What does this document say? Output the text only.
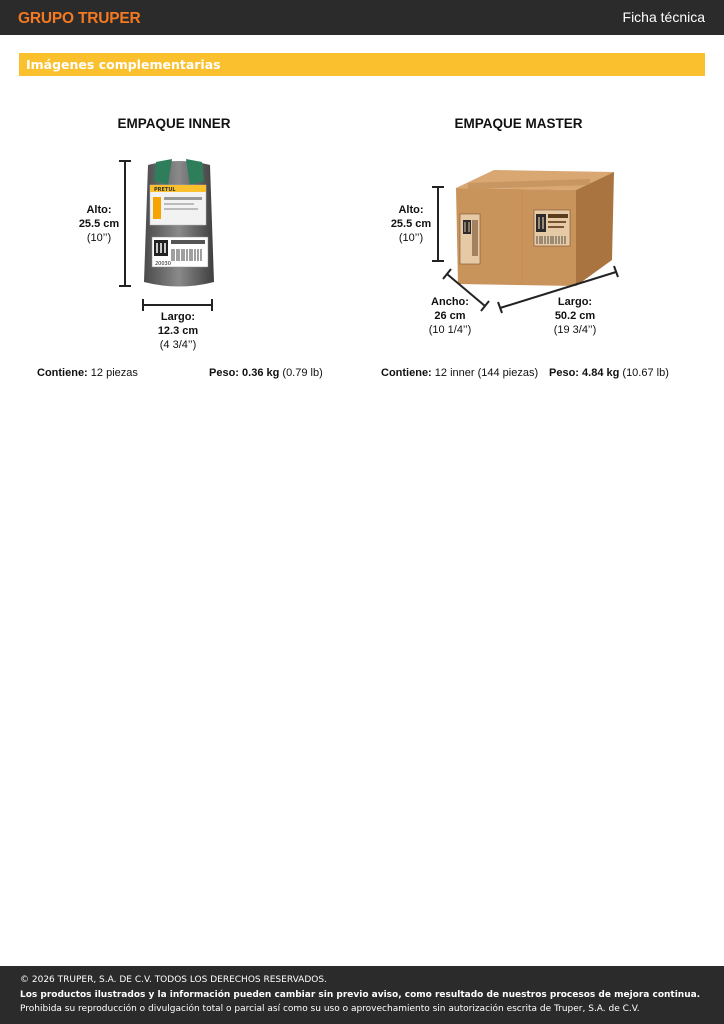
GRUPO TRUPER	Ficha técnica
Imágenes complementarias
EMPAQUE INNER
Alto:
25.5 cm
(10’’)
PRETUL
20030
Largo:
12.3 cm
(4 3/4’’)
Contiene: 12 piezas	Peso: 0.36 kg (0.79 lb)
EMPAQUE MASTER
Alto:
25.5 cm
(10’’)
Ancho:
26 cm
(10 1/4’’)
Largo:
50.2 cm
(19 3/4’’)
Contiene: 12 inner (144 piezas) Peso: 4.84 kg (10.67 lb)
© 2026 TRUPER, S.A. DE C.V. TODOS LOS DERECHOS RESERVADOS.
Los productos ilustrados y la información pueden cambiar sin previo aviso, como resultado de nuestros procesos de mejora continua.
Prohibida su reproducción o divulgación total o parcial así como su uso o aprovechamiento sin autorización escrita de Truper, S.A. de C.V.
